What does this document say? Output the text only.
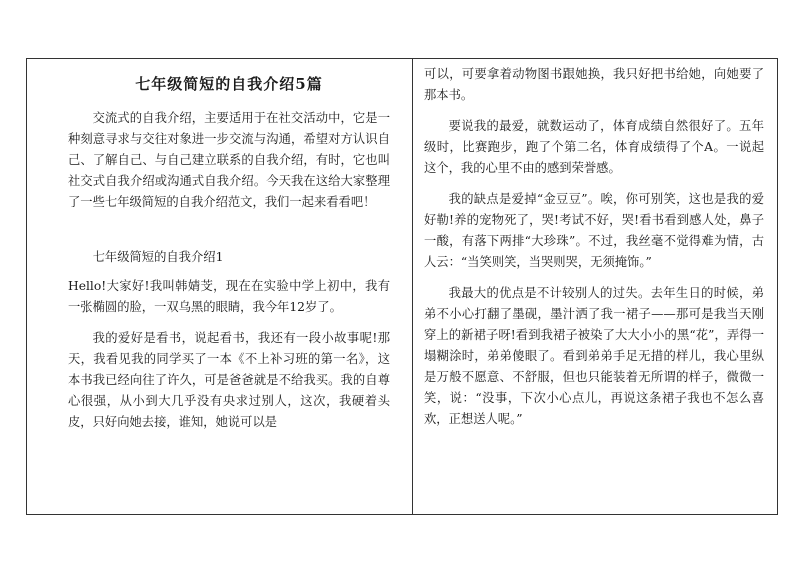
七年级简短的自我介绍5篇

交流式的自我介绍，主要适用于在社交活动中，它是一种刻意寻求与交往对象进一步交流与沟通，希望对方认识自己、了解自己、与自己建立联系的自我介绍，有时，它也叫社交式自我介绍或沟通式自我介绍。今天我在这给大家整理了一些七年级简短的自我介绍范文，我们一起来看看吧！

七年级简短的自我介绍1

Hello!大家好!我叫韩婧芠，现在在实验中学上初中，我有一张椭圆的脸，一双乌黑的眼睛，我今年12岁了。

我的爱好是看书，说起看书，我还有一段小故事呢!那天，我看见我的同学买了一本《不上补习班的第一名》，这本书我已经向往了许久，可是爸爸就是不给我买。我的自尊心很强，从小到大几乎没有央求过别人，这次，我硬着头皮，只好向她去接，谁知，她说可以是

可以，可要拿着动物图书跟她换，我只好把书给她，向她要了那本书。

要说我的最爱，就数运动了，体育成绩自然很好了。五年级时，比赛跑步，跑了个第二名，体育成绩得了个A。一说起这个，我的心里不由的感到荣誉感。

我的缺点是爱掉“金豆豆”。唉，你可别笑，这也是我的爱好勒!养的宠物死了，哭!考试不好，哭!看书看到感人处，鼻子一酸，有落下两排“大珍珠”。不过，我丝毫不觉得难为情，古人云：“当笑则笑，当哭则哭，无须掩饰。”

我最大的优点是不计较别人的过失。去年生日的时候，弟弟不小心打翻了墨砚，墨汁洒了我一裙子——那可是我当天刚穿上的新裙子呀!看到我裙子被染了大大小小的黑“花”，弄得一塌糊涂时，弟弟傻眼了。看到弟弟手足无措的样儿，我心里纵是万般不愿意、不舒服，但也只能装着无所谓的样子，微微一笑，说：“没事，下次小心点儿，再说这条裙子我也不怎么喜欢，正想送人呢。”
